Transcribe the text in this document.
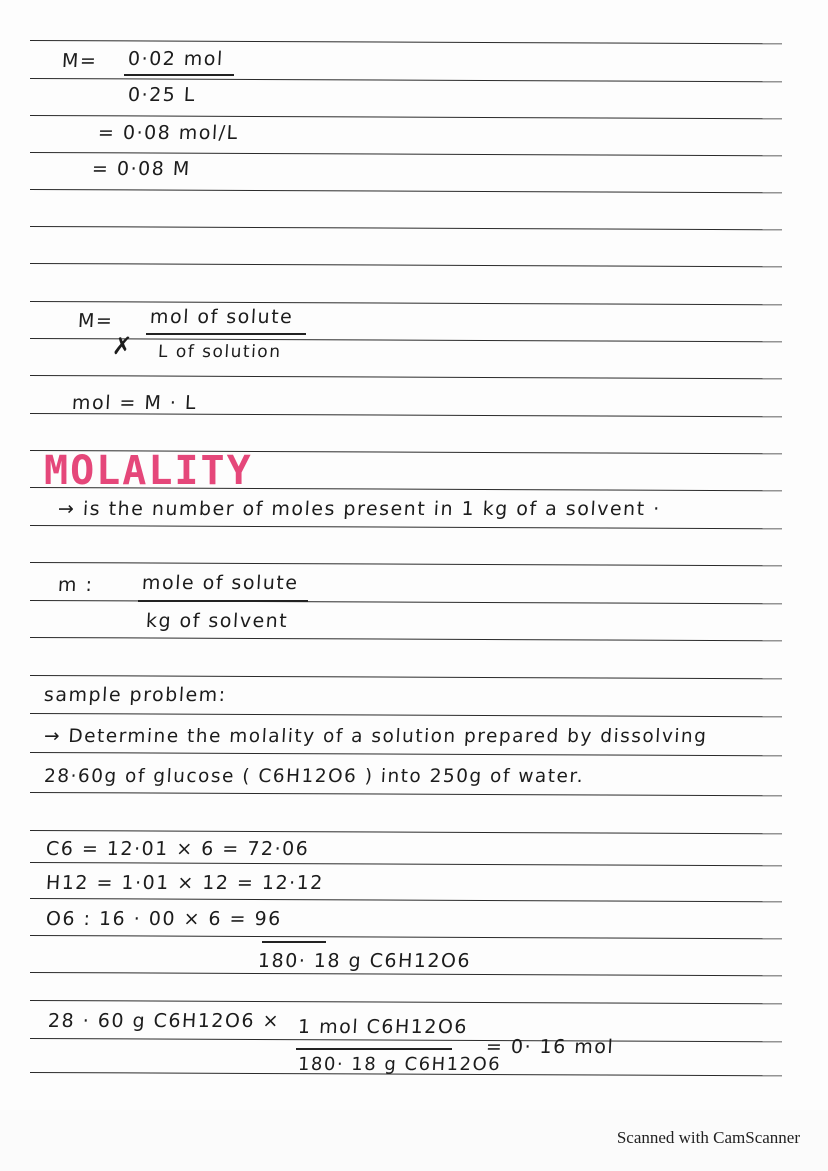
M= 0·02 mol
0·25 L
= 0·08 mol/L
= 0·08 M
M= mol of solute
✗ L of solution
mol = M · L
MOLALITY
→ is the number of moles present in 1 kg of a solvent ·
m : mole of solute
kg of solvent
sample problem:
→ Determine the molality of a solution prepared by dissolving
28·60g of glucose ( C6H12O6 ) into 250g of water.
C6 = 12·01 × 6 = 72·06
H12 = 1·01 × 12 = 12·12
O6 : 16 · 00 × 6 = 96
180· 18 g C6H12O6
28 · 60 g C6H12O6 × 1 mol C6H12O6
180· 18 g C6H12O6
= 0· 16 mol
Scanned with CamScanner
